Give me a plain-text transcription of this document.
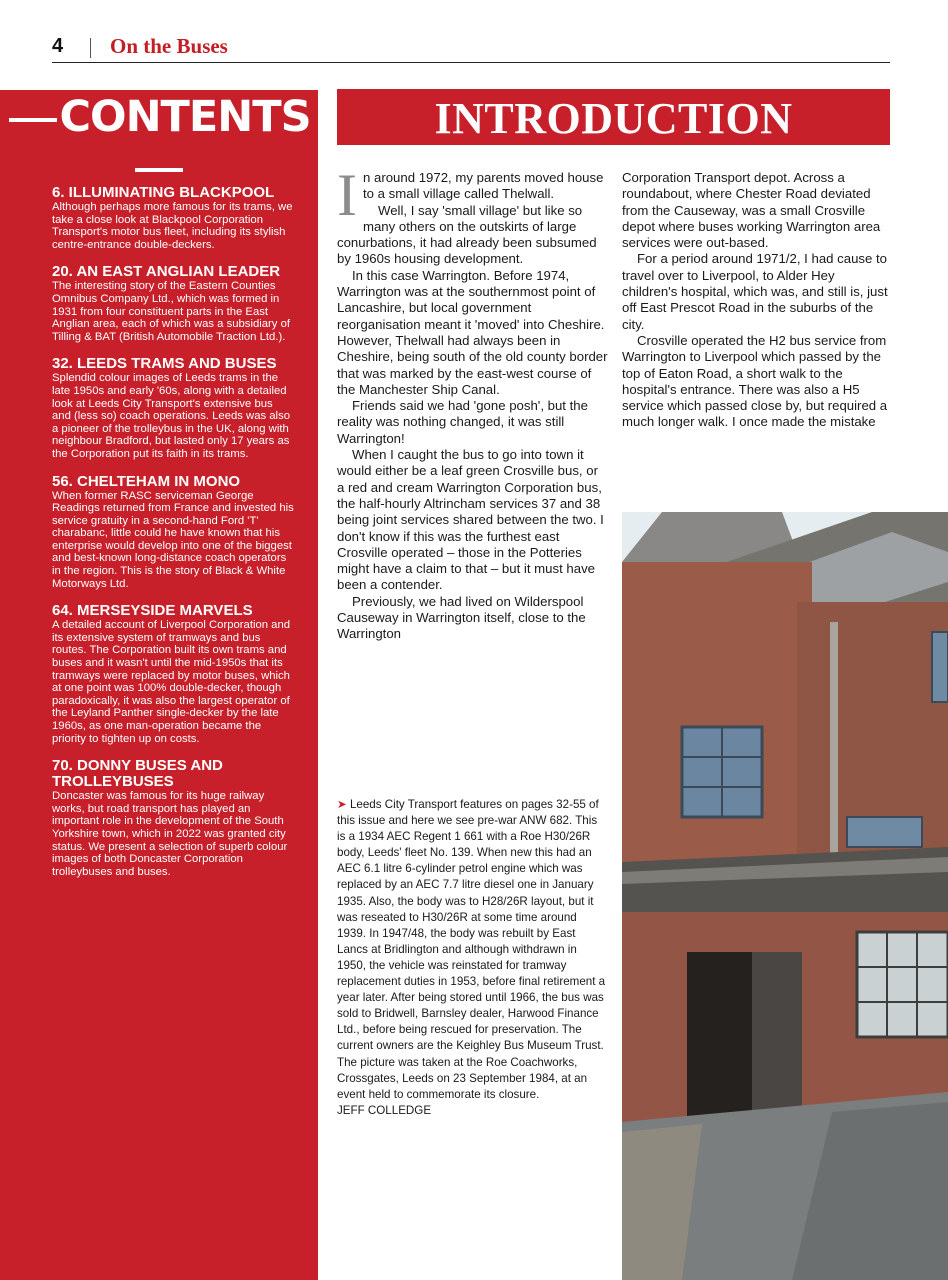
4 On the Buses
CONTENTS
6. ILLUMINATING BLACKPOOL
Although perhaps more famous for its trams, we take a close look at Blackpool Corporation Transport's motor bus fleet, including its stylish centre-entrance double-deckers.
20. AN EAST ANGLIAN LEADER
The interesting story of the Eastern Counties Omnibus Company Ltd., which was formed in 1931 from four constituent parts in the East Anglian area, each of which was a subsidiary of Tilling & BAT (British Automobile Traction Ltd.).
32. LEEDS TRAMS AND BUSES
Splendid colour images of Leeds trams in the late 1950s and early '60s, along with a detailed look at Leeds City Transport's extensive bus and (less so) coach operations. Leeds was also a pioneer of the trolleybus in the UK, along with neighbour Bradford, but lasted only 17 years as the Corporation put its faith in its trams.
56. CHELTEHAM IN MONO
When former RASC serviceman George Readings returned from France and invested his service gratuity in a second-hand Ford 'T' charabanc, little could he have known that his enterprise would develop into one of the biggest and best-known long-distance coach operators in the region. This is the story of Black & White Motorways Ltd.
64. MERSEYSIDE MARVELS
A detailed account of Liverpool Corporation and its extensive system of tramways and bus routes. The Corporation built its own trams and buses and it wasn't until the mid-1950s that its tramways were replaced by motor buses, which at one point was 100% double-decker, though paradoxically, it was also the largest operator of the Leyland Panther single-decker by the late 1960s, as one man-operation became the priority to tighten up on costs.
70. DONNY BUSES AND TROLLEYBUSES
Doncaster was famous for its huge railway works, but road transport has played an important role in the development of the South Yorkshire town, which in 2022 was granted city status. We present a selection of superb colour images of both Doncaster Corporation trolleybuses and buses.
INTRODUCTION

In around 1972, my parents moved house to a small village called Thelwall.

Well, I say 'small village' but like so many others on the outskirts of large conurbations, it had already been subsumed by 1960s housing development.

In this case Warrington. Before 1974, Warrington was at the southernmost point of Lancashire, but local government reorganisation meant it 'moved' into Cheshire. However, Thelwall had always been in Cheshire, being south of the old county border that was marked by the east-west course of the Manchester Ship Canal.

Friends said we had 'gone posh', but the reality was nothing changed, it was still Warrington!

When I caught the bus to go into town it would either be a leaf green Crosville bus, or a red and cream Warrington Corporation bus, the half-hourly Altrincham services 37 and 38 being joint services shared between the two. I don't know if this was the furthest east Crosville operated – those in the Potteries might have a claim to that – but it must have been a contender.

Previously, we had lived on Wilderspool Causeway in Warrington itself, close to the Warrington

Corporation Transport depot. Across a roundabout, where Chester Road deviated from the Causeway, was a small Crosville depot where buses working Warrington area services were out-based.

For a period around 1971/2, I had cause to travel over to Liverpool, to Alder Hey children's hospital, which was, and still is, just off East Prescot Road in the suburbs of the city.

Crosville operated the H2 bus service from Warrington to Liverpool which passed by the top of Eaton Road, a short walk to the hospital's entrance. There was also a H5 service which passed close by, but required a much longer walk. I once made the mistake

➤ Leeds City Transport features on pages 32-55 of this issue and here we see pre-war ANW 682. This is a 1934 AEC Regent 1 661 with a Roe H30/26R body, Leeds' fleet No. 139. When new this had an AEC 6.1 litre 6-cylinder petrol engine which was replaced by an AEC 7.7 litre diesel one in January 1935. Also, the body was to H28/26R layout, but it was reseated to H30/26R at some time around 1939. In 1947/48, the body was rebuilt by East Lancs at Bridlington and although withdrawn in 1950, the vehicle was reinstated for tramway replacement duties in 1953, before final retirement a year later. After being stored until 1966, the bus was sold to Bridwell, Barnsley dealer, Harwood Finance Ltd., before being rescued for preservation. The current owners are the Keighley Bus Museum Trust. The picture was taken at the Roe Coachworks, Crossgates, Leeds on 23 September 1984, at an event held to commemorate its closure.
JEFF COLLEDGE
